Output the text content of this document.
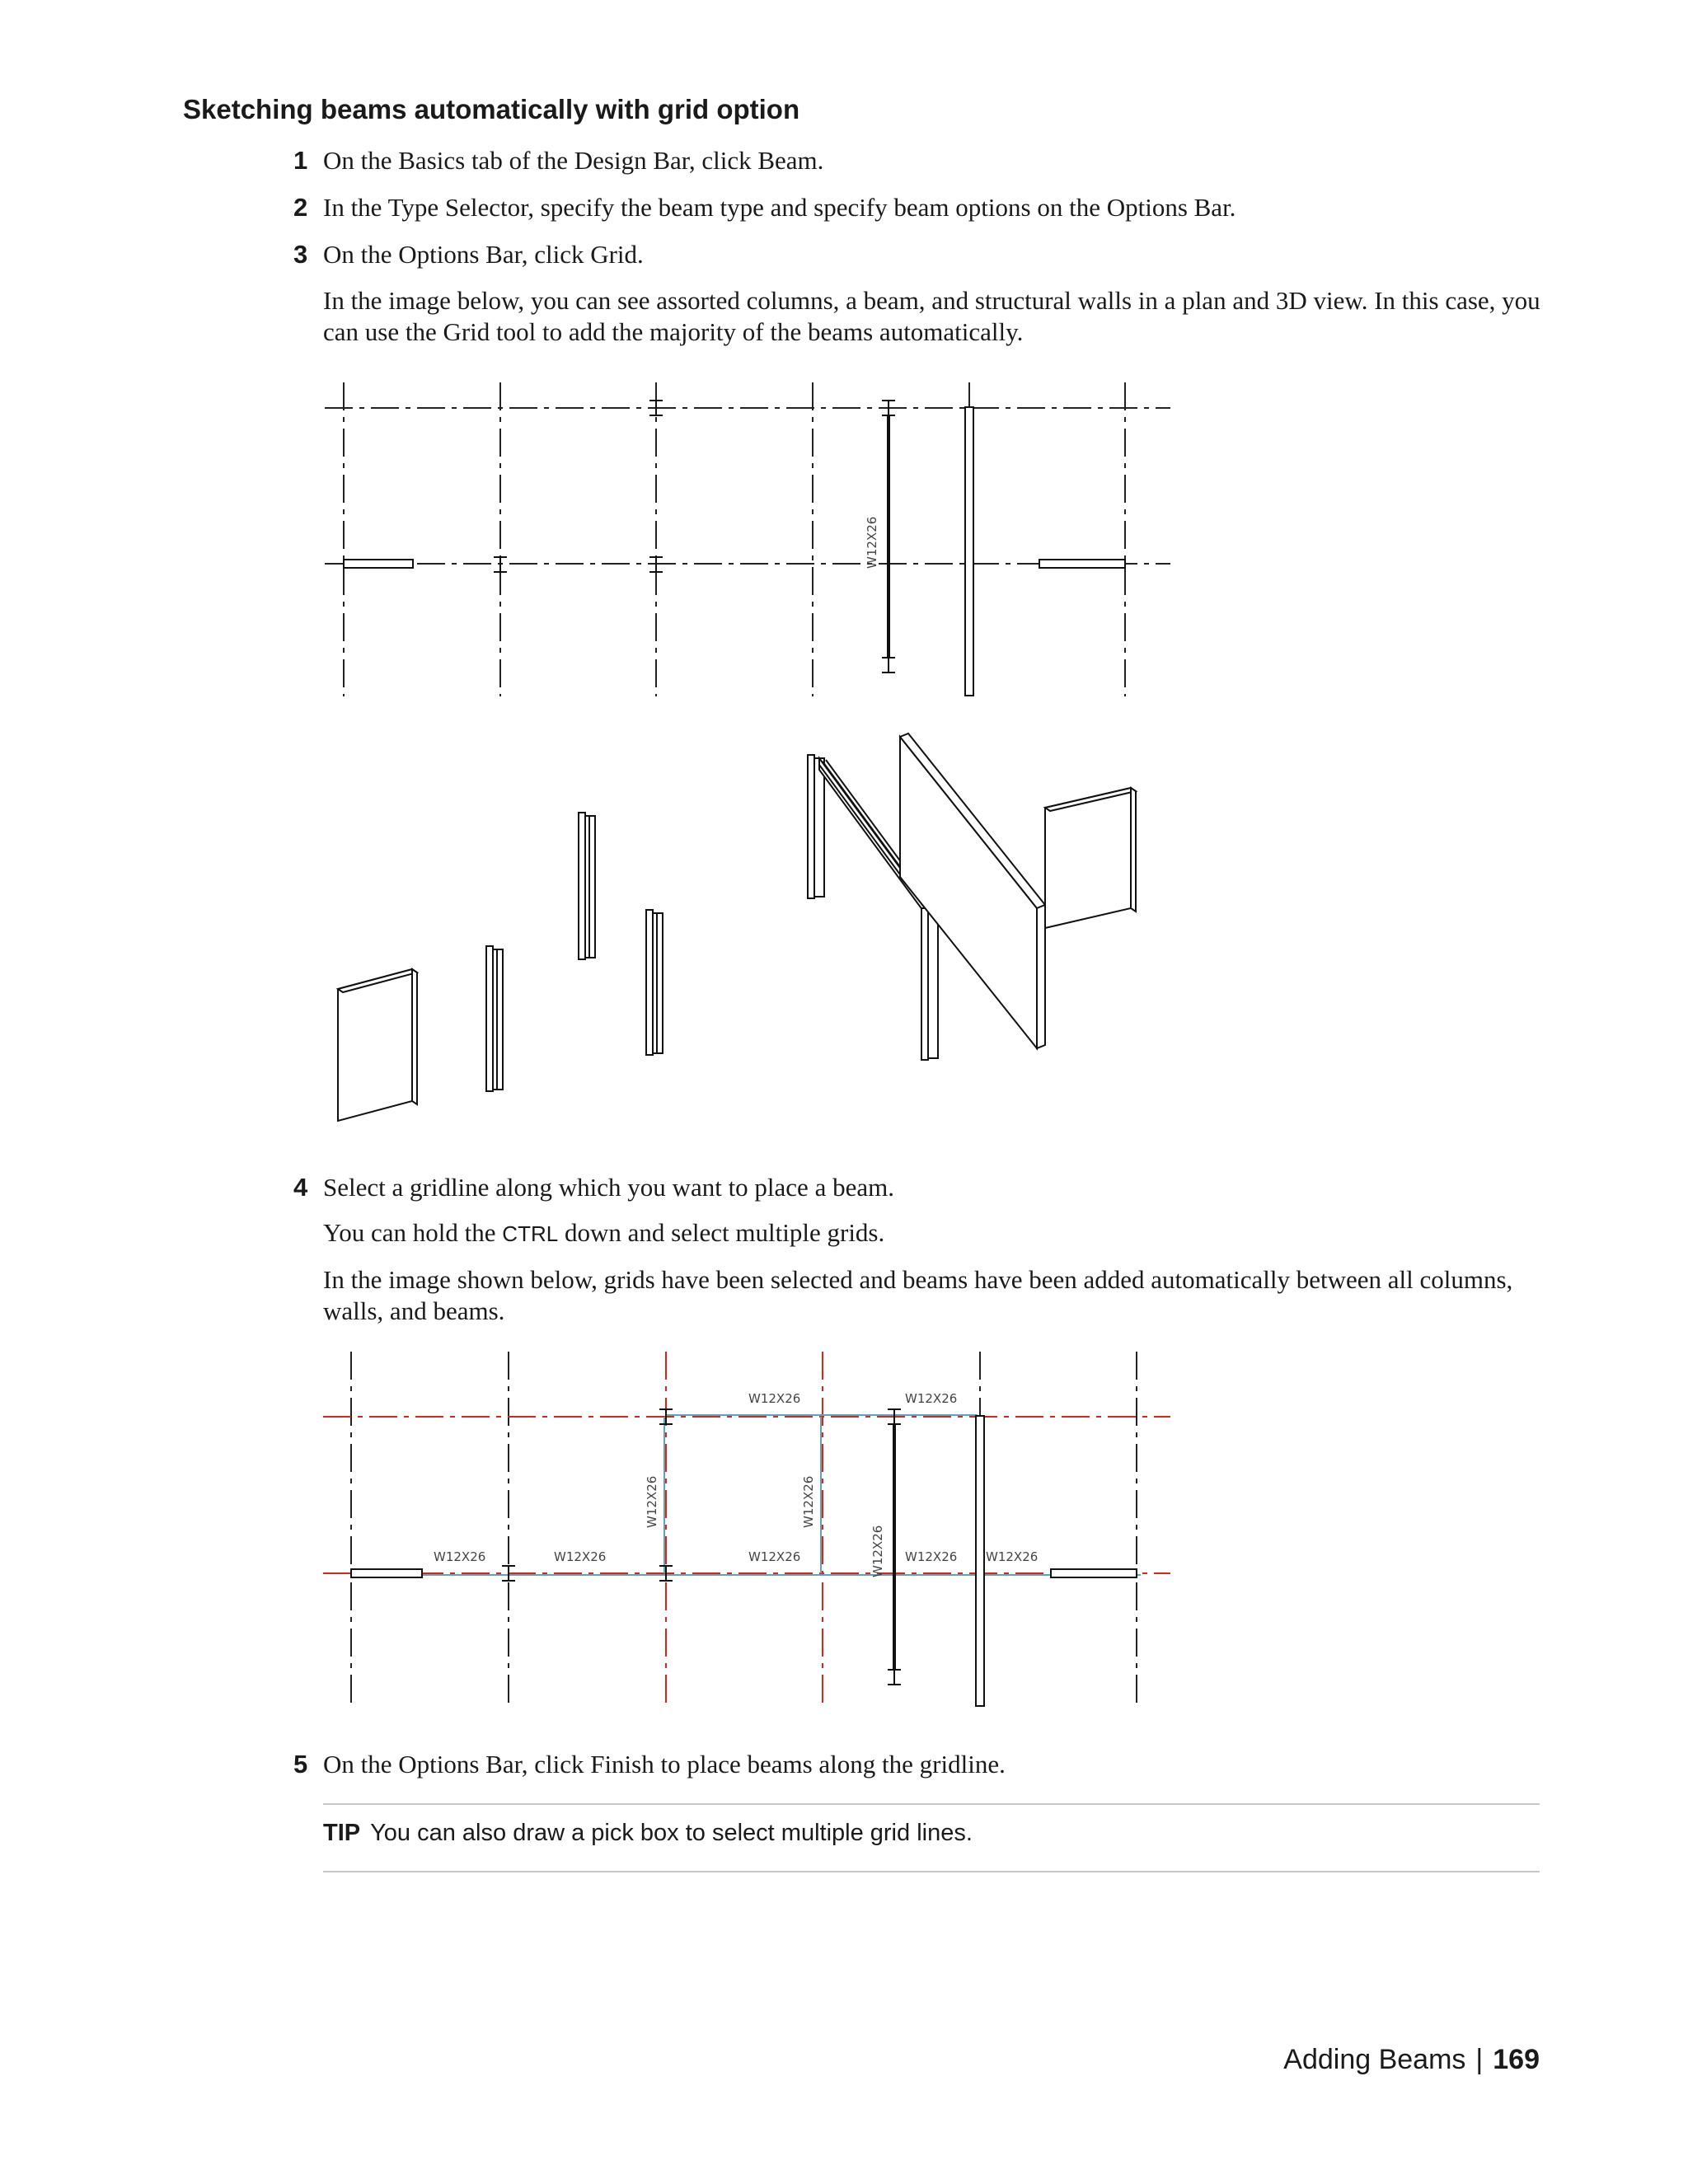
Sketching beams automatically with grid option
1 On the Basics tab of the Design Bar, click Beam.
2 In the Type Selector, specify the beam type and specify beam options on the Options Bar.
3 On the Options Bar, click Grid.
In the image below, you can see assorted columns, a beam, and structural walls in a plan and 3D view. In this case, you can use the Grid tool to add the majority of the beams automatically.
W12X26
4 Select a gridline along which you want to place a beam.
You can hold the CTRL down and select multiple grids.
In the image shown below, grids have been selected and beams have been added automatically between all columns, walls, and beams.
W12X26	W12X26
W12X26	W12X26	W12X26	W12X26 W12X26
W12X26	W12X26
W12X26
5 On the Options Bar, click Finish to place beams along the gridline.
TIP You can also draw a pick box to select multiple grid lines.
Adding Beams | 169
